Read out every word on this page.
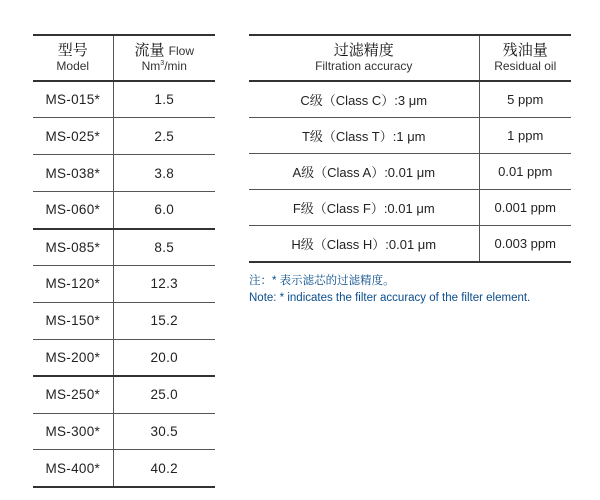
型号
Model	流量 Flow
Nm$^3$/min

MS-015*	1.5
MS-025*	2.5
MS-038*	3.8
MS-060*	6.0
MS-085*	8.5
MS-120*	12.3
MS-150*	15.2
MS-200*	20.0
MS-250*	25.0
MS-300*	30.5
MS-400*	40.2
过滤精度
Filtration accuracy	残油量
Residual oil

C级（Class C）:3 μm	5 ppm
T级（Class T）:1 μm	1 ppm
A级（Class A）:0.01 μm	0.01 ppm
F级（Class F）:0.01 μm	0.001 ppm
H级（Class H）:0.01 μm	0.003 ppm
注：* 表示滤芯的过滤精度。
Note: * indicates the filter accuracy of the filter element.
